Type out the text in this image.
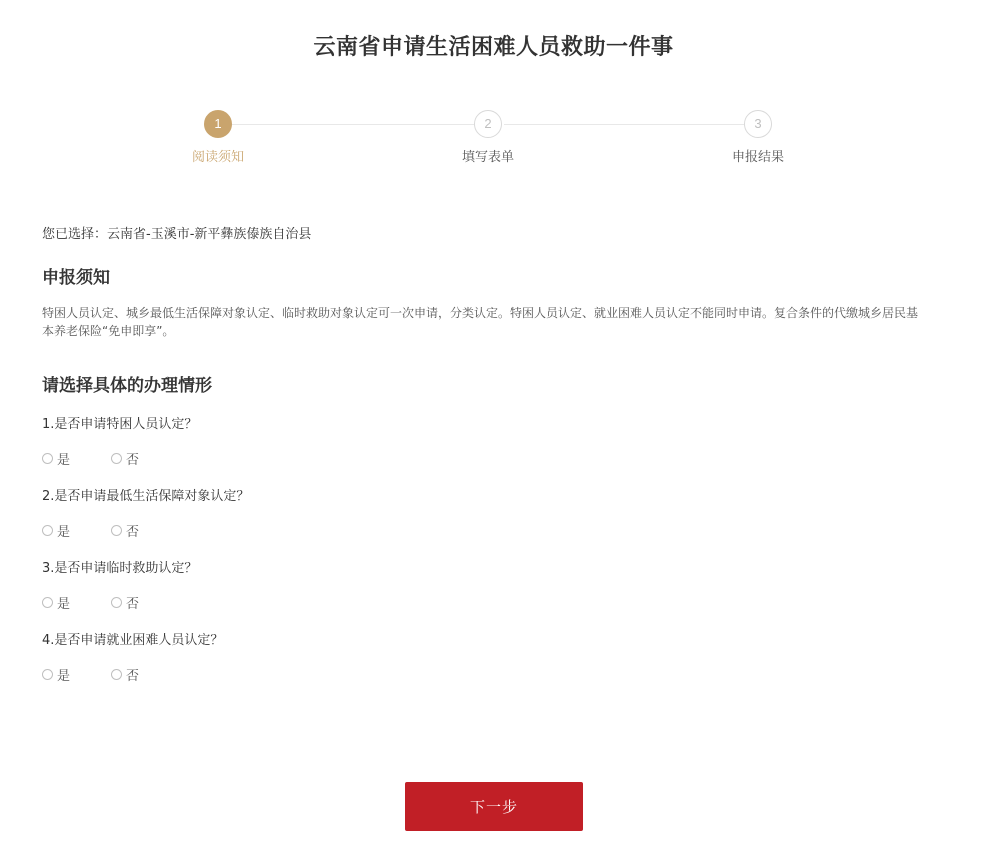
云南省申请生活困难人员救助一件事
1
阅读须知
2
填写表单
3
申报结果
您已选择：云南省-玉溪市-新平彝族傣族自治县
申报须知
特困人员认定、城乡最低生活保障对象认定、临时救助对象认定可一次申请，分类认定。特困人员认定、就业困难人员认定不能同时申请。复合条件的代缴城乡居民基本养老保险“免申即享”。
请选择具体的办理情形
1.是否申请特困人员认定？
是	否
2.是否申请最低生活保障对象认定？
是	否
3.是否申请临时救助认定？
是	否
4.是否申请就业困难人员认定？
是	否
下一步
